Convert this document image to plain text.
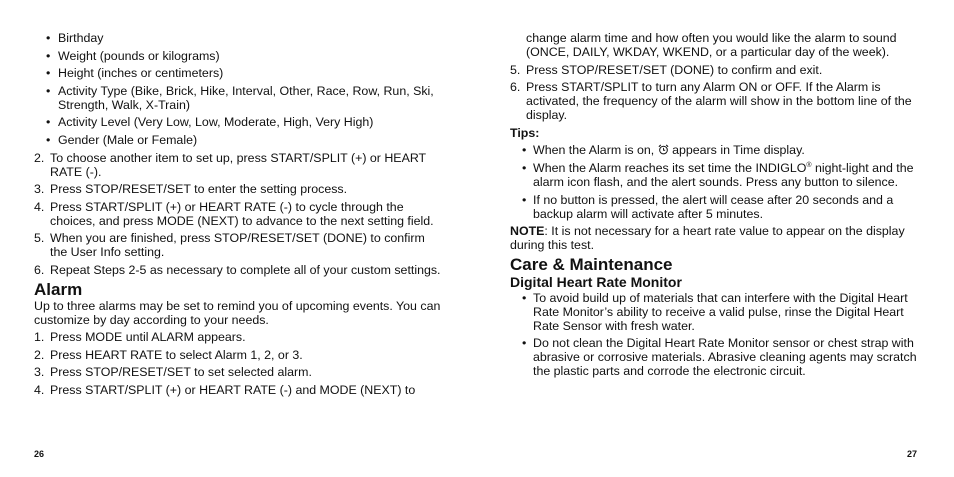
• Birthday
• Weight (pounds or kilograms)
• Height (inches or centimeters)
• Activity Type (Bike, Brick, Hike, Interval, Other, Race, Row, Run, Ski, Strength, Walk, X-Train)
• Activity Level (Very Low, Low, Moderate, High, Very High)
• Gender (Male or Female)
2. To choose another item to set up, press START/SPLIT (+) or HEART RATE (-).
3. Press STOP/RESET/SET to enter the setting process.
4. Press START/SPLIT (+) or HEART RATE (-) to cycle through the choices, and press MODE (NEXT) to advance to the next setting field.
5. When you are finished, press STOP/RESET/SET (DONE) to confirm the User Info setting.
6. Repeat Steps 2-5 as necessary to complete all of your custom settings.
Alarm
Up to three alarms may be set to remind you of upcoming events. You can customize by day according to your needs.
1. Press MODE until ALARM appears.
2. Press HEART RATE to select Alarm 1, 2, or 3.
3. Press STOP/RESET/SET to set selected alarm.
4. Press START/SPLIT (+) or HEART RATE (-) and MODE (NEXT) to
change alarm time and how often you would like the alarm to sound (ONCE, DAILY, WKDAY, WKEND, or a particular day of the week).
5. Press STOP/RESET/SET (DONE) to confirm and exit.
6. Press START/SPLIT to turn any Alarm ON or OFF. If the Alarm is activated, the frequency of the alarm will show in the bottom line of the display.
Tips:
• When the Alarm is on,  appears in Time display.
• When the Alarm reaches its set time the INDIGLO® night-light and the alarm icon flash, and the alert sounds. Press any button to silence.
• If no button is pressed, the alert will cease after 20 seconds and a backup alarm will activate after 5 minutes.
NOTE: It is not necessary for a heart rate value to appear on the display during this test.
Care & Maintenance
Digital Heart Rate Monitor
• To avoid build up of materials that can interfere with the Digital Heart Rate Monitor’s ability to receive a valid pulse, rinse the Digital Heart Rate Sensor with fresh water.
• Do not clean the Digital Heart Rate Monitor sensor or chest strap with abrasive or corrosive materials. Abrasive cleaning agents may scratch the plastic parts and corrode the electronic circuit.
26	27
